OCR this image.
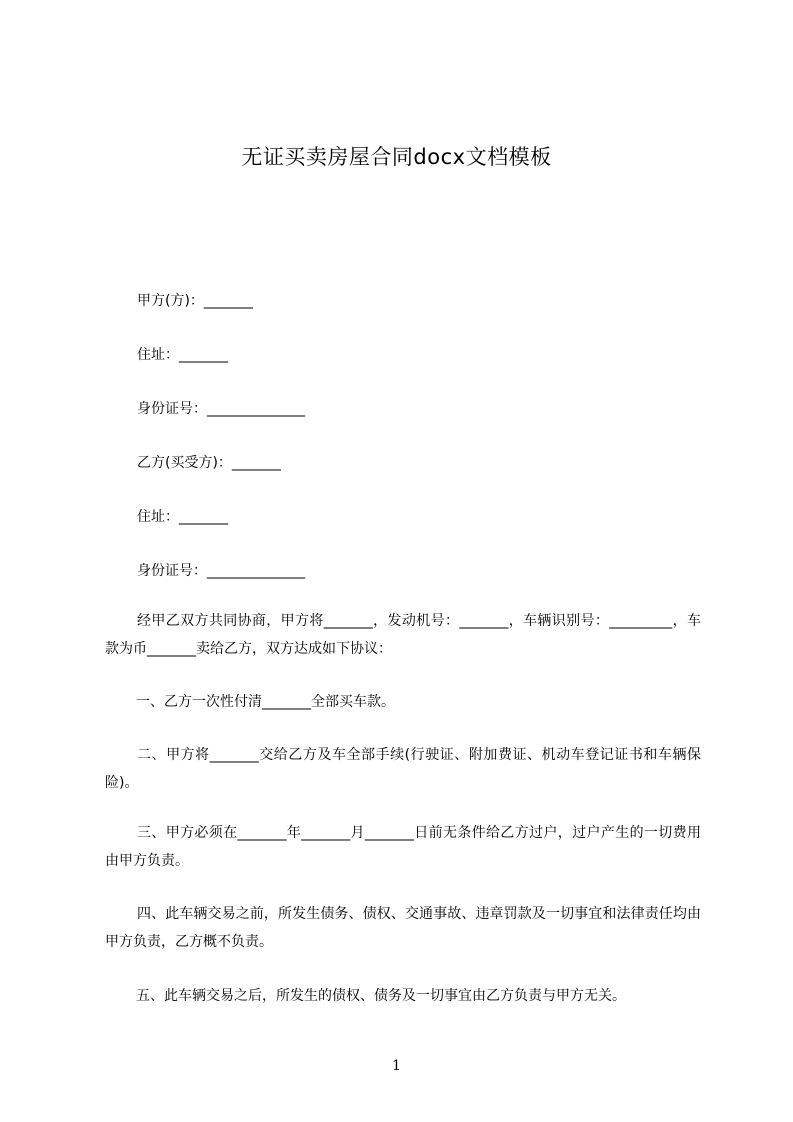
无证买卖房屋合同docx文档模板
甲方(方)：_______
住址：_______
身份证号：______________
乙方(买受方)：_______
住址：_______
身份证号：______________
经甲乙双方共同协商，甲方将_______，发动机号：_______，车辆识别号：_________，车款为币_______卖给乙方，双方达成如下协议：
一、乙方一次性付清_______全部买车款。
二、甲方将_______交给乙方及车全部手续(行驶证、附加费证、机动车登记证书和车辆保险)。
三、甲方必须在_______年_______月_______日前无条件给乙方过户，过户产生的一切费用由甲方负责。
四、此车辆交易之前，所发生债务、债权、交通事故、违章罚款及一切事宜和法律责任均由甲方负责，乙方概不负责。
五、此车辆交易之后，所发生的债权、债务及一切事宜由乙方负责与甲方无关。
1
